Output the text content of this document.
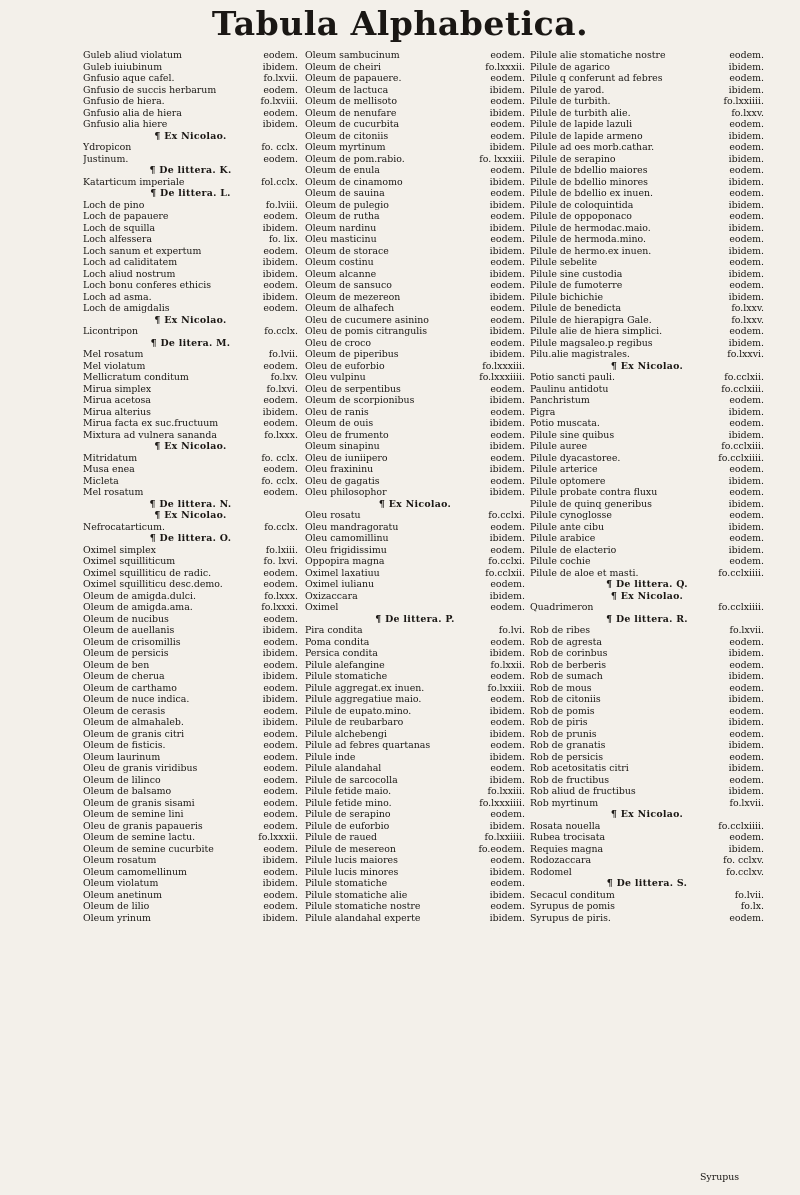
Tabula Alphabetica.
Guleb aliud violatum	eodem.
Guleb iuiubinum	ibidem.
Gnfusio aque cafel.	fo.lxvii.
Gnfusio de succis herbarum	eodem.
Gnfusio de hiera.	fo.lxviii.
Gnfusio alia de hiera	eodem.
Gnfusio alia hiere	ibidem.
¶ Ex Nicolao.
Ydropicon	fo. cclx.
Justinum.	eodem.
¶ De littera. K.
Katarticum imperiale	fol.cclx.
¶ De littera. L.
Loch de pino	fo.lviii.
Loch de papauere	eodem.
Loch de squilla	ibidem.
Loch alfessera	fo. lix.
Loch sanum et expertum	eodem.
Loch ad caliditatem	ibidem.
Loch aliud nostrum	ibidem.
Loch bonu conferes ethicis	eodem.
Loch ad asma.	ibidem.
Loch de amigdalis	eodem.
¶ Ex Nicolao.
Licontripon	fo.cclx.
¶ De litera. M.
Mel rosatum	fo.lvii.
Mel violatum	eodem.
Mellicratum conditum	fo.lxv.
Mirua simplex	fo.lxvi.
Mirua acetosa	eodem.
Mirua alterius	ibidem.
Mirua facta ex suc.fructuum	eodem.
Mixtura ad vulnera sananda	fo.lxxx.
¶ Ex Nicolao.
Mitridatum	fo. cclx.
Musa enea	eodem.
Micleta	fo. cclx.
Mel rosatum	eodem.
¶ De littera. N.
¶ Ex Nicolao.
Nefrocatarticum.	fo.cclx.
¶ De littera. O.
Oximel simplex	fo.lxiii.
Oximel squilliticum	fo. lxvi.
Oximel squilliticu de radic.	eodem.
Oximel squilliticu desc.demo.	eodem.
Oleum de amigda.dulci.	fo.lxxx.
Oleum de amigda.ama.	fo.lxxxi.
Oleum de nucibus	eodem.
Oleum de auellanis	ibidem.
Oleum de crisomillis	eodem.
Oleum de persicis	ibidem.
Oleum de ben	eodem.
Oleum de cherua	ibidem.
Oleum de carthamo	eodem.
Oleum de nuce indica.	ibidem.
Oleum de cerasis	eodem.
Oleum de almahaleb.	ibidem.
Oleum de granis citri	eodem.
Oleum de fisticis.	eodem.
Oleum laurinum	eodem.
Oleu de granis viridibus	eodem.
Oleum de lilinco	eodem.
Oleum de balsamo	eodem.
Oleum de granis sisami	eodem.
Oleum de semine lini	eodem.
Oleu de granis papaueris	eodem.
Oleum de semine lactu.	fo.lxxxii.
Oleum de semine cucurbite	eodem.
Oleum rosatum	ibidem.
Oleum camomellinum	eodem.
Oleum violatum	ibidem.
Oleum anetinum	eodem.
Oleum de lilio	eodem.
Oleum yrinum	ibidem.
Oleum sambucinum	eodem.
Oleum de cheiri	fo.lxxxii.
Oleum de papauere.	eodem.
Oleum de lactuca	ibidem.
Oleum de mellisoto	eodem.
Oleum de nenufare	ibidem.
Oleum de cucurbita	eodem.
Oleum de citoniis	eodem.
Oleum myrtinum	ibidem.
Oleum de pom.rabio.	fo. lxxxiii.
Oleum de enula	eodem.
Oleum de cinamomo	ibidem.
Oleum de sauina	eodem.
Oleum de pulegio	ibidem.
Oleum de rutha	eodem.
Oleum nardinu	ibidem.
Oleu masticinu	eodem.
Oleum de storace	ibidem.
Oleum costinu	eodem.
Oleum alcanne	ibidem.
Oleum de sansuco	eodem.
Oleum de mezereon	ibidem.
Oleum de alhafech	eodem.
Oleu de cucumere asinino	eodem.
Oleu de pomis citrangulis	ibidem.
Oleu de croco	eodem.
Oleum de piperibus	ibidem.
Oleu de euforbio	fo.lxxxiii.
Oleu vulpinu	fo.lxxxiiii.
Oleu de serpentibus	eodem.
Oleum de scorpionibus	ibidem.
Oleu de ranis	eodem.
Oleum de ouis	ibidem.
Oleu de frumento	eodem.
Oleum sinapinu	ibidem.
Oleu de iuniipero	eodem.
Oleu fraxininu	ibidem.
Oleu de gagatis	eodem.
Oleu philosophor	ibidem.
¶ Ex Nicolao.
Oleu rosatu	fo.cclxi.
Oleu mandragoratu	eodem.
Oleu camomillinu	ibidem.
Oleu frigidissimu	eodem.
Oppopira magna	fo.cclxi.
Oximel laxatiuu	fo.cclxii.
Oximel iulianu	eodem.
Oxizaccara	ibidem.
Oximel	eodem.
¶ De littera. P.
Pira condita	fo.lvi.
Poma condita	eodem.
Persica condita	ibidem.
Pilule alefangine	fo.lxxii.
Pilule stomatiche	eodem.
Pilule aggregat.ex inuen.	fo.lxxiii.
Pilule aggregatiue maio.	eodem.
Pilule de eupato.mino.	ibidem.
Pilule de reubarbaro	eodem.
Pilule alchebengi	ibidem.
Pilule ad febres quartanas	eodem.
Pilule inde	ibidem.
Pilule alandahal	eodem.
Pilule de sarcocolla	ibidem.
Pilule fetide maio.	fo.lxxiii.
Pilule fetide mino.	fo.lxxxiiii.
Pilule de serapino	eodem.
Pilule de euforbio	ibidem.
Pilule de raued	fo.lxxiiii.
Pilule de mesereon	fo.eodem.
Pilule lucis maiores	eodem.
Pilule lucis minores	ibidem.
Pilule stomatiche	eodem.
Pilule stomatiche alie	ibidem.
Pilule stomatiche nostre	eodem.
Pilule alandahal experte	ibidem.
Pilule alie stomatiche nostre	eodem.
Pilule de agarico	ibidem.
Pilule q conferunt ad febres	eodem.
Pilule de yarod.	ibidem.
Pilule de turbith.	fo.lxxiiii.
Pilule de turbith alie.	fo.lxxv.
Pilule de lapide lazuli	eodem.
Pilule de lapide armeno	ibidem.
Pilule ad oes morb.cathar.	eodem.
Pilule de serapino	ibidem.
Pilule de bdellio maiores	eodem.
Pilule de bdellio minores	ibidem.
Pilule de bdellio ex inuen.	eodem.
Pilule de coloquintida	ibidem.
Pilule de oppoponaco	eodem.
Pilule de hermodac.maio.	ibidem.
Pilule de hermoda.mino.	eodem.
Pilule de hermo.ex inuen.	ibidem.
Pilule sebelite	eodem.
Pilule sine custodia	ibidem.
Pilule de fumoterre	eodem.
Pilule bichichie	ibidem.
Pilule de benedicta	fo.lxxv.
Pilule de hierapigra Gale.	fo.lxxv.
Pilule alie de hiera simplici.	eodem.
Pilule magsaleo.p regibus	ibidem.
Pilu.alie magistrales.	fo.lxxvi.
¶ Ex Nicolao.
Potio sancti pauli.	fo.cclxii.
Paulinu antidotu	fo.cclxiii.
Panchristum	eodem.
Pigra	ibidem.
Potio muscata.	eodem.
Pilule sine quibus	ibidem.
Pilule auree	fo.cclxiii.
Pilule dyacastoree.	fo.cclxiiii.
Pilule arterice	eodem.
Pilule optomere	ibidem.
Pilule probate contra fluxu	eodem.
Pilule de quinq generibus	ibidem.
Pilule cynoglosse	eodem.
Pilule ante cibu	ibidem.
Pilule arabice	eodem.
Pilule de elacterio	ibidem.
Pilule cochie	eodem.
Pilule de aloe et masti.	fo.cclxiiii.
¶ De littera. Q.
¶ Ex Nicolao.
Quadrimeron	fo.cclxiiii.
¶ De littera. R.
Rob de ribes	fo.lxvii.
Rob de agresta	eodem.
Rob de corinbus	ibidem.
Rob de berberis	eodem.
Rob de sumach	ibidem.
Rob de mous	eodem.
Rob de citoniis	ibidem.
Rob de pomis	eodem.
Rob de piris	ibidem.
Rob de prunis	eodem.
Rob de granatis	ibidem.
Rob de persicis	eodem.
Rob acetositatis citri	ibidem.
Rob de fructibus	eodem.
Rob aliud de fructibus	ibidem.
Rob myrtinum	fo.lxvii.
¶ Ex Nicolao.
Rosata nouella	fo.cclxiiii.
Rubea trocisata	eodem.
Requies magna	ibidem.
Rodozaccara	fo. cclxv.
Rodomel	fo.cclxv.
¶ De littera. S.
Secacul conditum	fo.lvii.
Syrupus de pomis	fo.lx.
Syrupus de piris.	eodem.
Syrupus
